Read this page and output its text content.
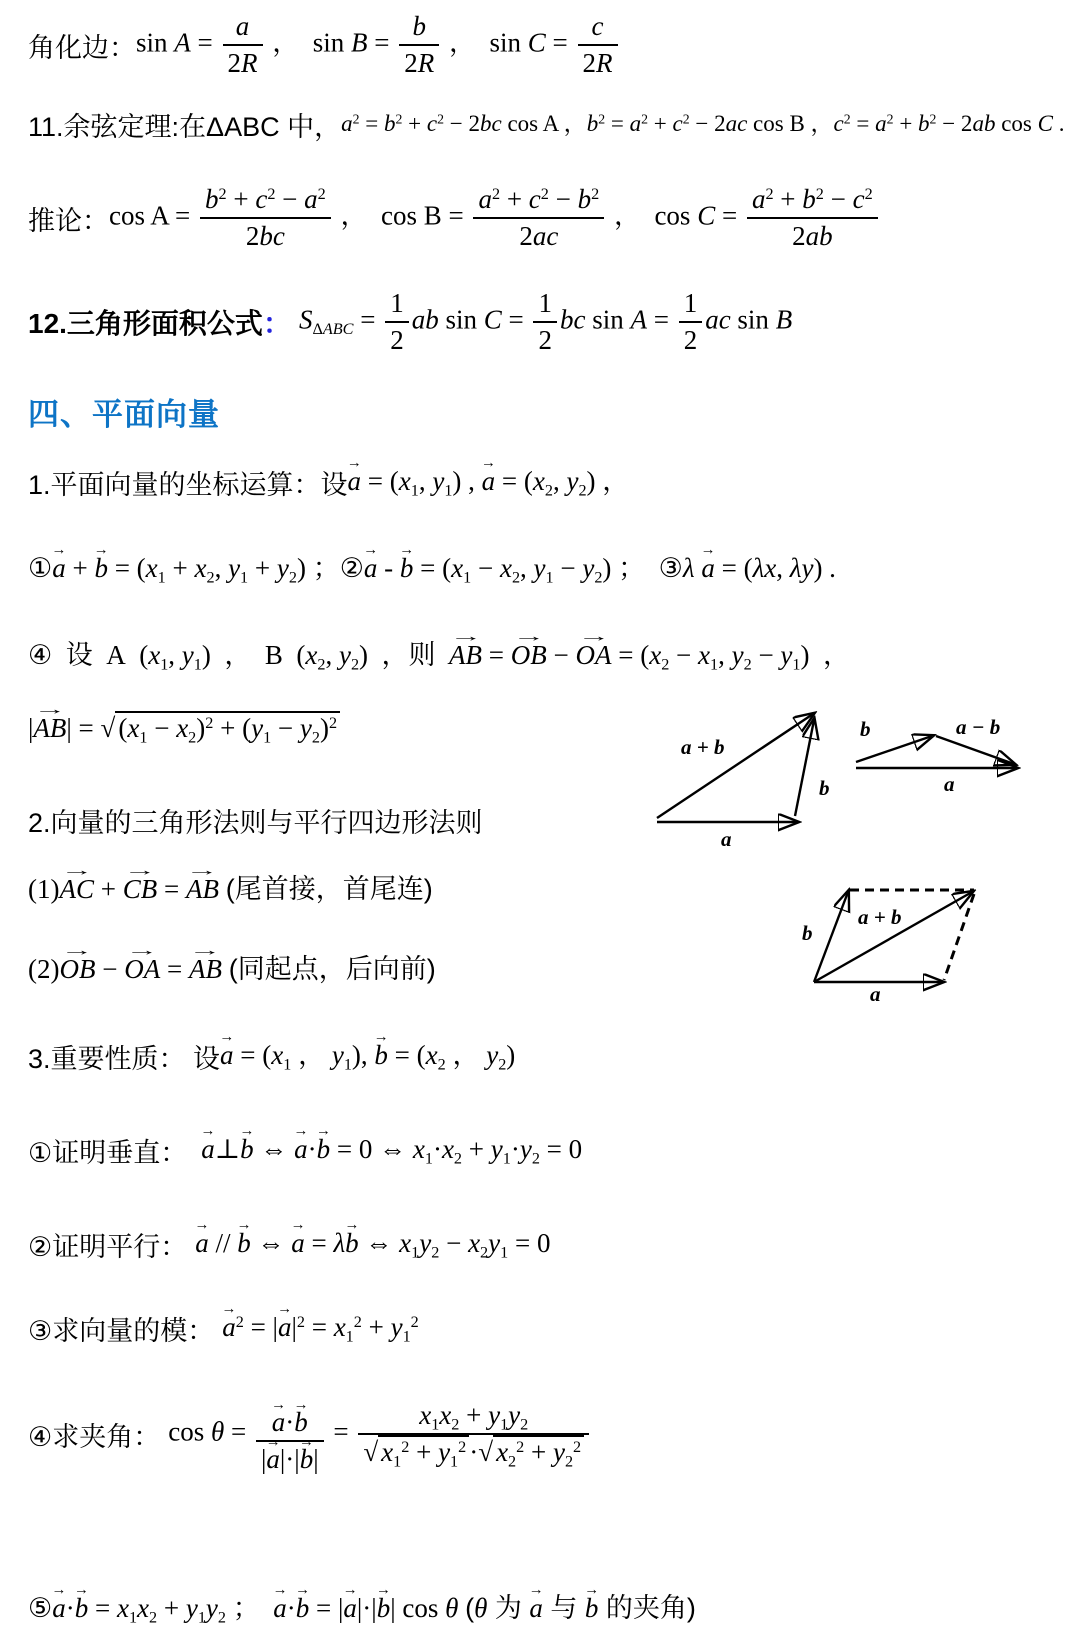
角化边： $\sin A = \frac{a}{2R}$ ，  $\sin B = \frac{b}{2R}$ ，  $\sin C = \frac{c}{2R}$
11.余弦定理:在ΔABC 中， $a^2 = b^2 + c^2 - 2bc$ cos A ，$b^2 = a^2 + c^2 - 2ac$ cos B ，$c^2 = a^2 + b^2 - 2ab$ cos C .
推论： $\cos A = \frac{b^2 + c^2 - a^2}{2bc}$ ，  $\cos B = \frac{a^2 + c^2 - b^2}{2ac}$ ，  $\cos C = \frac{a^2 + b^2 - c^2}{2ab}$
12.三角形面积公式 ： $S_{\Delta ABC} = \frac{1}{2}$ ab $\sin C = \frac{1}{2}$ bc $\sin A = \frac{1}{2}$ ac sin B
四、平面向量
1.平面向量的坐标运算：设 → $a = (x_1$, $y_1$) , → $a = (x_2$, $y_2$) ，
①→ a + → $b = (x_1 + x_2$, $y_1 + y_2$) ；②→ a - → $b = (x_1 - x_2$, $y_1 - y_2$) ；  ③λ → a = (λx, λy) .
④ 设  A  ($x_1$, $y_1$)  ，  B  ($x_2$, $y_2$)  ，则 → AB = → OB − → OA = ($x_2 - x_1$, $y_2 - y_1$)  ，
|→ AB| = √ $(x_1 - x_2)^2 + (y_1 - y_2)^2$
2.向量的三角形法则与平行四边形法则
(1)→ AC + → CB = → AB (尾首接，首尾连)
(2)→ OB − → OA = → AB (同起点，后向前)
3.重要性质： 设 → $a = (x_1$ ， $y_1$), → $b = (x_2$ ， $y_2$)
①证明垂直： → a⊥→ b ⇔ → a·→ b = 0 ⇔ $x_1\cdot x_2 + y_1\cdot y_2 = 0$
②证明平行： → a // → b ⇔ → a = λ→ b ⇔ $x_1y_2 - x_2y_1 = 0$
③求向量的模： → $a^2$ = |→ $a|^2 = x_1^2 + y_1^2$
④求夹角： cos θ = → $\frac{a\cdot\to b}{|\to a|\cdot|\to b|} = \frac{x_1x_2 + y_1y_2}{√ x_1^2 + y_1^2 \cdot√ x_2^2 + y_2^2}$
⑤→ $a\cdot\to b = x_1x_2 + y_1y_2$ ；  → a·→ b = |→ a|·|→ b| cos θ (θ 为 → a 与 → b 的夹角)
a + b
b
a
b	a − b
a
b
a + b
a
